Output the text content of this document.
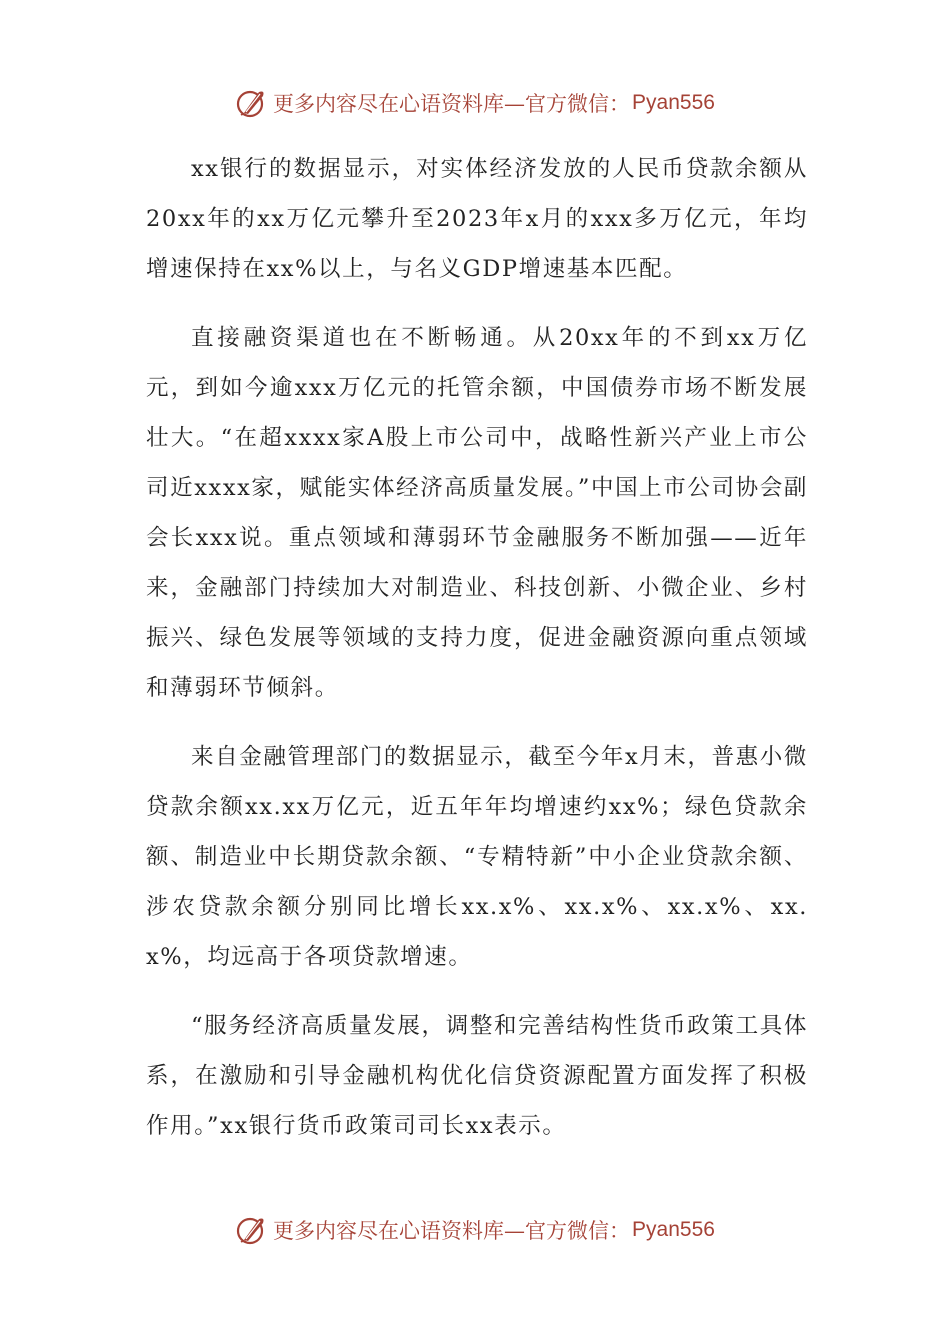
更多内容尽在心语资料库—官方微信： Pyan556

xx银行的数据显示，对实体经济发放的人民币贷款余额从20xx年的xx万亿元攀升至2023年x月的xxx多万亿元，年均增速保持在xx%以上，与名义GDP增速基本匹配。

直接融资渠道也在不断畅通。从20xx年的不到xx万亿元，到如今逾xxx万亿元的托管余额，中国债券市场不断发展壮大。“在超xxxx家A股上市公司中，战略性新兴产业上市公司近xxxx家，赋能实体经济高质量发展。”中国上市公司协会副会长xxx说。重点领域和薄弱环节金融服务不断加强——近年来，金融部门持续加大对制造业、科技创新、小微企业、乡村振兴、绿色发展等领域的支持力度，促进金融资源向重点领域和薄弱环节倾斜。

来自金融管理部门的数据显示，截至今年x月末，普惠小微贷款余额xx.xx万亿元，近五年年均增速约xx%；绿色贷款余额、制造业中长期贷款余额、“专精特新”中小企业贷款余额、涉农贷款余额分别同比增长xx.x%、xx.x%、xx.x%、xx.x%，均远高于各项贷款增速。

“服务经济高质量发展，调整和完善结构性货币政策工具体系，在激励和引导金融机构优化信贷资源配置方面发挥了积极作用。”xx银行货币政策司司长xx表示。

更多内容尽在心语资料库—官方微信： Pyan556
